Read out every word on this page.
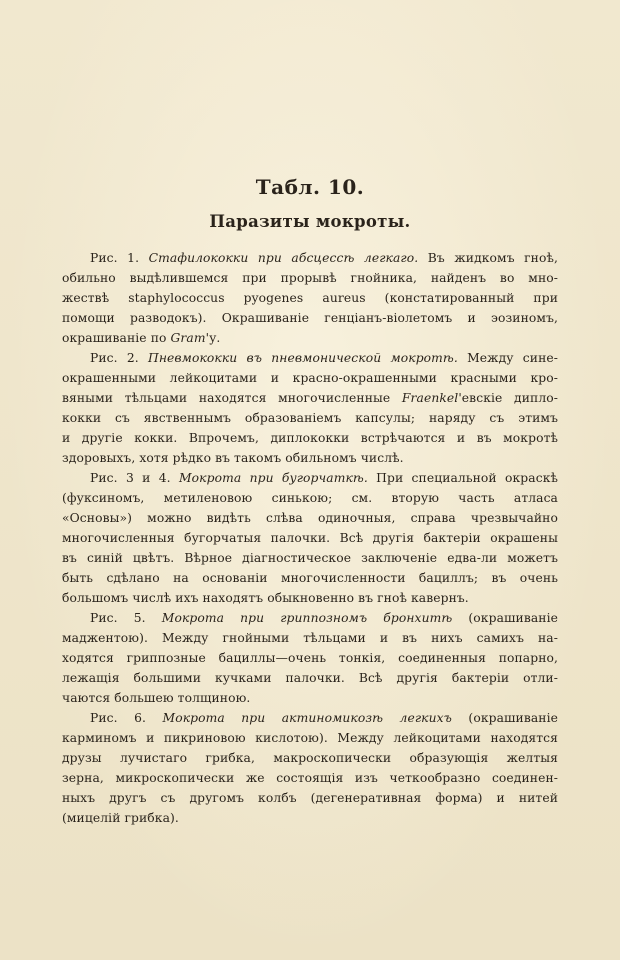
Табл. 10.
Паразиты мокроты.
Рис. 1. Стафилококки при абсцессѣ легкаго. Въ жидкомъ гноѣ,
обильно выдѣлившемся при прорывѣ гнойника, найденъ во мно-
жествѣ staphylococcus pyogenes aureus (констатированный при
помощи разводокъ). Окрашиваніе генціанъ-віолетомъ и эозиномъ,
окрашиваніе по Gram'у.
Рис. 2. Пневмококки въ пневмонической мокротѣ. Между сине-
окрашенными лейкоцитами и красно-окрашенными красными кро-
вяными тѣльцами находятся многочисленные Fraenkel'евскіе дипло-
кокки съ явственнымъ образованіемъ капсулы; наряду съ этимъ
и другіе кокки. Впрочемъ, диплококки встрѣчаются и въ мокротѣ
здоровыхъ, хотя рѣдко въ такомъ обильномъ числѣ.
Рис. 3 и 4. Мокрота при бугорчаткѣ. При специальной окраскѣ
(фуксиномъ, метиленовою синькою; см. вторую часть атласа
«Основы») можно видѣть слѣва одиночныя, справа чрезвычайно
многочисленныя бугорчатыя палочки. Всѣ другія бактеріи окрашены
въ синій цвѣтъ. Вѣрное діагностическое заключеніе едва-ли можетъ
быть сдѣлано на основаніи многочисленности бациллъ; въ очень
большомъ числѣ ихъ находятъ обыкновенно въ гноѣ кавернъ.
Рис. 5. Мокрота при гриппозномъ бронхитѣ (окрашиваніе
маджентою). Между гнойными тѣльцами и въ нихъ самихъ на-
ходятся гриппозные бациллы—очень тонкія, соединенныя попарно,
лежащія большими кучками палочки. Всѣ другія бактеріи отли-
чаются большею толщиною.
Рис. 6. Мокрота при актиномикозѣ легкихъ (окрашиваніе
карминомъ и пикриновою кислотою). Между лейкоцитами находятся
друзы лучистаго грибка, макроскопически образующія желтыя
зерна, микроскопически же состоящія изъ четкообразно соединен-
ныхъ другъ съ другомъ колбъ (дегенеративная форма) и нитей
(мицелій грибка).
